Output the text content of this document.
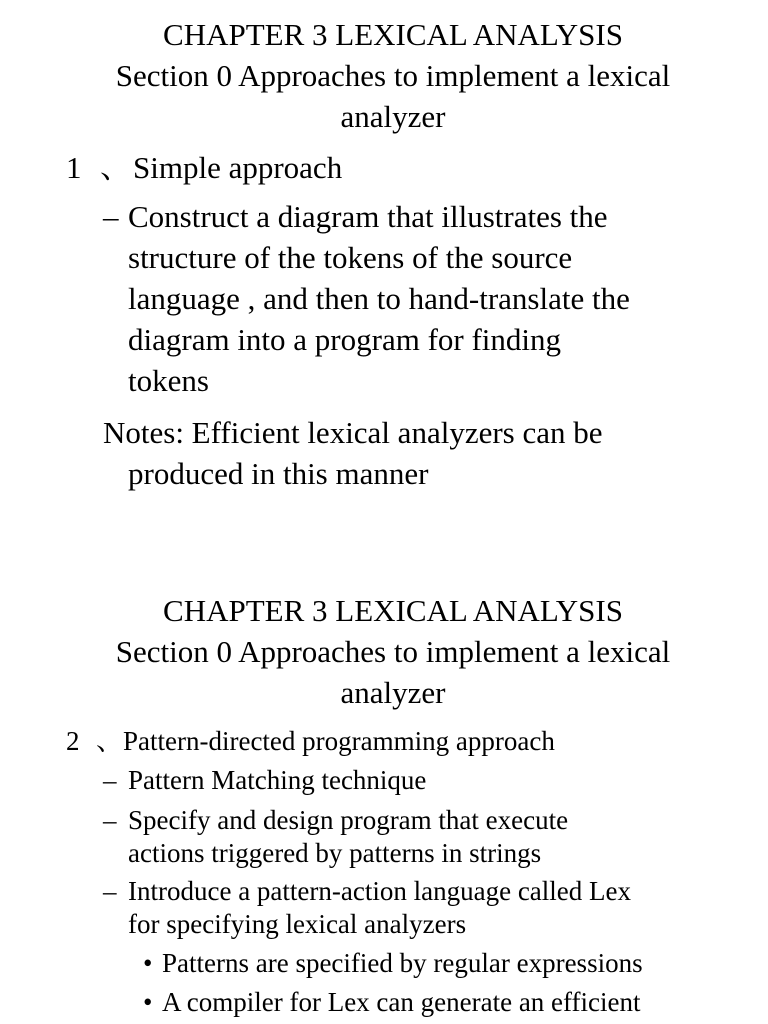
CHAPTER 3 LEXICAL ANALYSIS
Section 0 Approaches to implement a lexical
analyzer
1 、 Simple approach
– Construct a diagram that illustrates the
structure of the tokens of the source
language , and then to hand-translate the
diagram into a program for finding
tokens
Notes: Efficient lexical analyzers can be
produced in this manner
CHAPTER 3 LEXICAL ANALYSIS
Section 0 Approaches to implement a lexical
analyzer
2 、 Pattern-directed programming approach
– Pattern Matching technique
– Specify and design program that execute
actions triggered by patterns in strings
– Introduce a pattern-action language called Lex
for specifying lexical analyzers
• Patterns are specified by regular expressions
• A compiler for Lex can generate an efficient
